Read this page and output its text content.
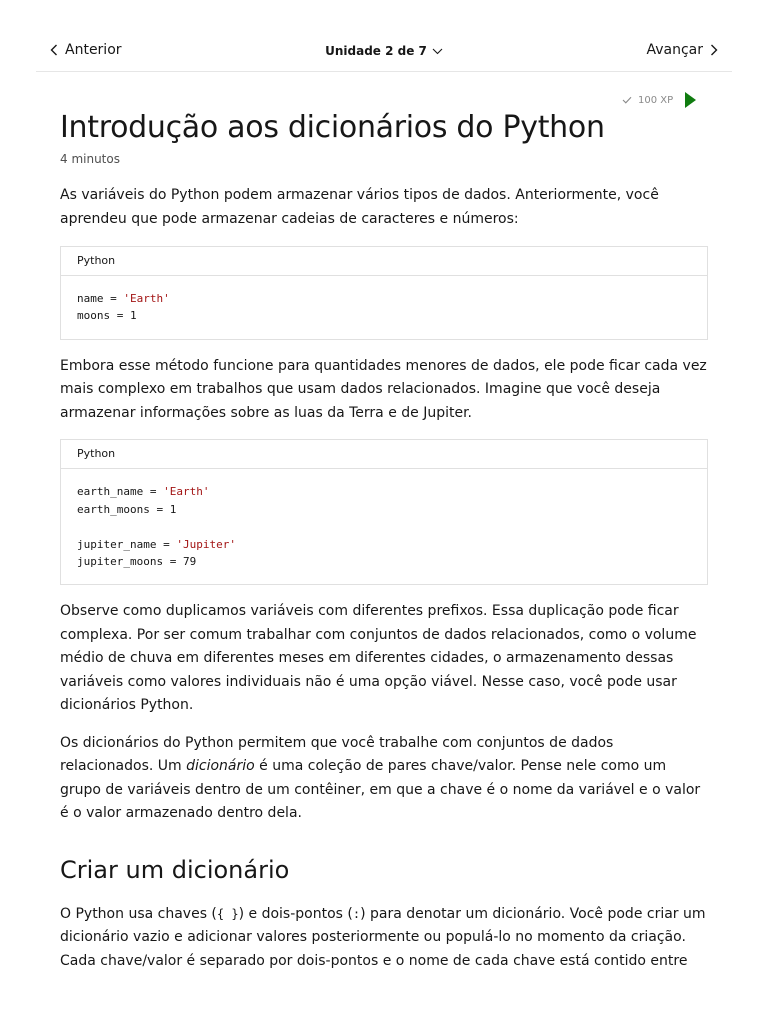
Anterior	Unidade 2 de 7	Avançar
100 XP
Introdução aos dicionários do Python
4 minutos

As variáveis do Python podem armazenar vários tipos de dados. Anteriormente, você aprendeu que pode armazenar cadeias de caracteres e números:

Python
name = 'Earth'
moons = 1

Embora esse método funcione para quantidades menores de dados, ele pode ficar cada vez mais complexo em trabalhos que usam dados relacionados. Imagine que você deseja armazenar informações sobre as luas da Terra e de Jupiter.

Python
earth_name = 'Earth'
earth_moons = 1

jupiter_name = 'Jupiter'
jupiter_moons = 79

Observe como duplicamos variáveis com diferentes prefixos. Essa duplicação pode ficar complexa. Por ser comum trabalhar com conjuntos de dados relacionados, como o volume médio de chuva em diferentes meses em diferentes cidades, o armazenamento dessas variáveis como valores individuais não é uma opção viável. Nesse caso, você pode usar dicionários Python.

Os dicionários do Python permitem que você trabalhe com conjuntos de dados relacionados. Um dicionário é uma coleção de pares chave/valor. Pense nele como um grupo de variáveis dentro de um contêiner, em que a chave é o nome da variável e o valor é o valor armazenado dentro dela.

Criar um dicionário

O Python usa chaves ({ }) e dois-pontos (:) para denotar um dicionário. Você pode criar um dicionário vazio e adicionar valores posteriormente ou populá-lo no momento da criação. Cada chave/valor é separado por dois-pontos e o nome de cada chave está contido entre
